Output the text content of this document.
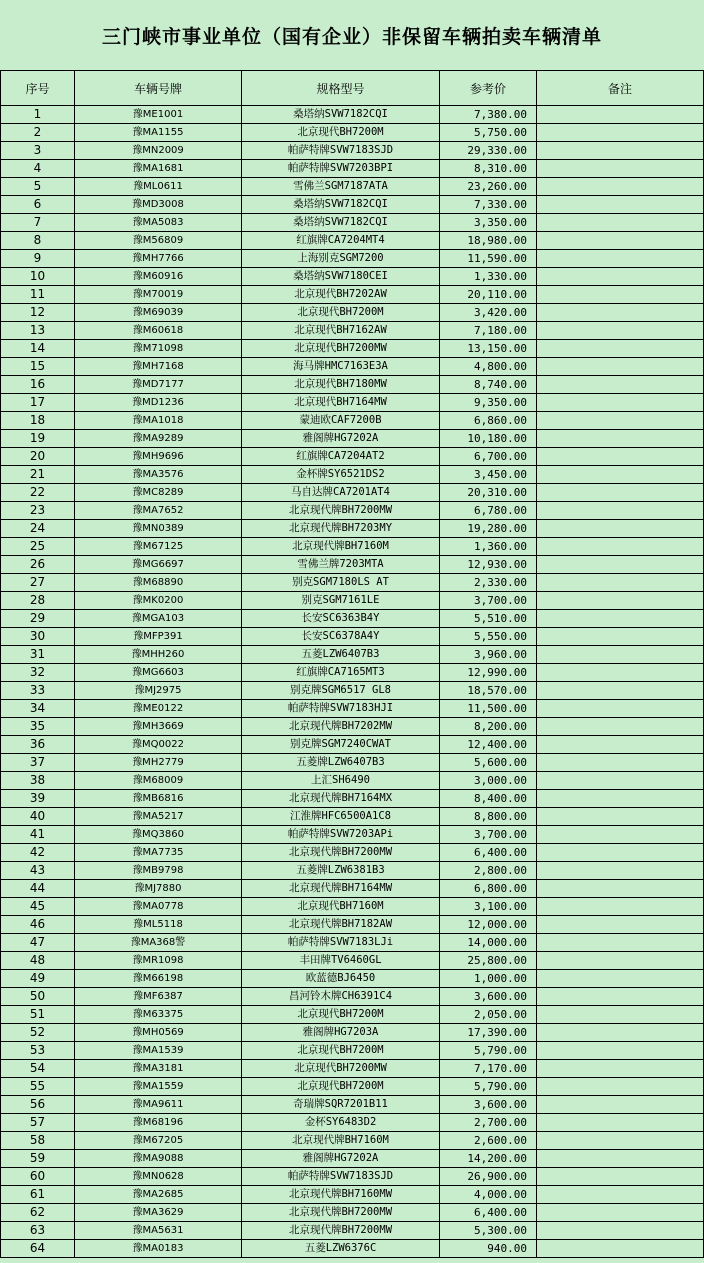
三门峡市事业单位（国有企业）非保留车辆拍卖车辆清单
序号	车辆号牌	规格型号	参考价	备注
1	豫ME1001	桑塔纳SVW7182CQI	7,380.00	
2	豫MA1155	北京现代BH7200M	5,750.00	
3	豫MN2009	帕萨特牌SVW7183SJD	29,330.00	
4	豫MA1681	帕萨特牌SVW7203BPI	8,310.00	
5	豫ML0611	雪佛兰SGM7187ATA	23,260.00	
6	豫MD3008	桑塔纳SVW7182CQI	7,330.00	
7	豫MA5083	桑塔纳SVW7182CQI	3,350.00	
8	豫M56809	红旗牌CA7204MT4	18,980.00	
9	豫MH7766	上海别克SGM7200	11,590.00	
10	豫M60916	桑塔纳SVW7180CEI	1,330.00	
11	豫M70019	北京现代BH7202AW	20,110.00	
12	豫M69039	北京现代BH7200M	3,420.00	
13	豫M60618	北京现代BH7162AW	7,180.00	
14	豫M71098	北京现代BH7200MW	13,150.00	
15	豫MH7168	海马牌HMC7163E3A	4,800.00	
16	豫MD7177	北京现代BH7180MW	8,740.00	
17	豫MD1236	北京现代BH7164MW	9,350.00	
18	豫MA1018	蒙迪欧CAF7200B	6,860.00	
19	豫MA9289	雅阁牌HG7202A	10,180.00	
20	豫MH9696	红旗牌CA7204AT2	6,700.00	
21	豫MA3576	金杯牌SY6521DS2	3,450.00	
22	豫MC8289	马自达牌CA7201AT4	20,310.00	
23	豫MA7652	北京现代牌BH7200MW	6,780.00	
24	豫MN0389	北京现代牌BH7203MY	19,280.00	
25	豫M67125	北京现代牌BH7160M	1,360.00	
26	豫MG6697	雪佛兰牌7203MTA	12,930.00	
27	豫M68890	别克SGM7180LS AT	2,330.00	
28	豫MK0200	别克SGM7161LE	3,700.00	
29	豫MGA103	长安SC6363B4Y	5,510.00	
30	豫MFP391	长安SC6378A4Y	5,550.00	
31	豫MHH260	五菱LZW6407B3	3,960.00	
32	豫MG6603	红旗牌CA7165MT3	12,990.00	
33	豫MJ2975	别克牌SGM6517 GL8	18,570.00	
34	豫ME0122	帕萨特牌SVW7183HJI	11,500.00	
35	豫MH3669	北京现代牌BH7202MW	8,200.00	
36	豫MQ0022	别克牌SGM7240CWAT	12,400.00	
37	豫MH2779	五菱牌LZW6407B3	5,600.00	
38	豫M68009	上汇SH6490	3,000.00	
39	豫MB6816	北京现代牌BH7164MX	8,400.00	
40	豫MA5217	江淮牌HFC6500A1C8	8,800.00	
41	豫MQ3860	帕萨特牌SVW7203APi	3,700.00	
42	豫MA7735	北京现代牌BH7200MW	6,400.00	
43	豫MB9798	五菱牌LZW6381B3	2,800.00	
44	豫MJ7880	北京现代牌BH7164MW	6,800.00	
45	豫MA0778	北京现代BH7160M	3,100.00	
46	豫ML5118	北京现代牌BH7182AW	12,000.00	
47	豫MA368警	帕萨特牌SVW7183LJi	14,000.00	
48	豫MR1098	丰田牌TV6460GL	25,800.00	
49	豫M66198	欧蓝德BJ6450	1,000.00	
50	豫MF6387	昌河铃木牌CH6391C4	3,600.00	
51	豫M63375	北京现代BH7200M	2,050.00	
52	豫MH0569	雅阁牌HG7203A	17,390.00	
53	豫MA1539	北京现代BH7200M	5,790.00	
54	豫MA3181	北京现代BH7200MW	7,170.00	
55	豫MA1559	北京现代BH7200M	5,790.00	
56	豫MA9611	奇瑞牌SQR7201B11	3,600.00	
57	豫M68196	金杯SY6483D2	2,700.00	
58	豫M67205	北京现代牌BH7160M	2,600.00	
59	豫MA9088	雅阁牌HG7202A	14,200.00	
60	豫MN0628	帕萨特牌SVW7183SJD	26,900.00	
61	豫MA2685	北京现代牌BH7160MW	4,000.00	
62	豫MA3629	北京现代牌BH7200MW	6,400.00	
63	豫MA5631	北京现代牌BH7200MW	5,300.00	
64	豫MA0183	五菱LZW6376C	940.00	
